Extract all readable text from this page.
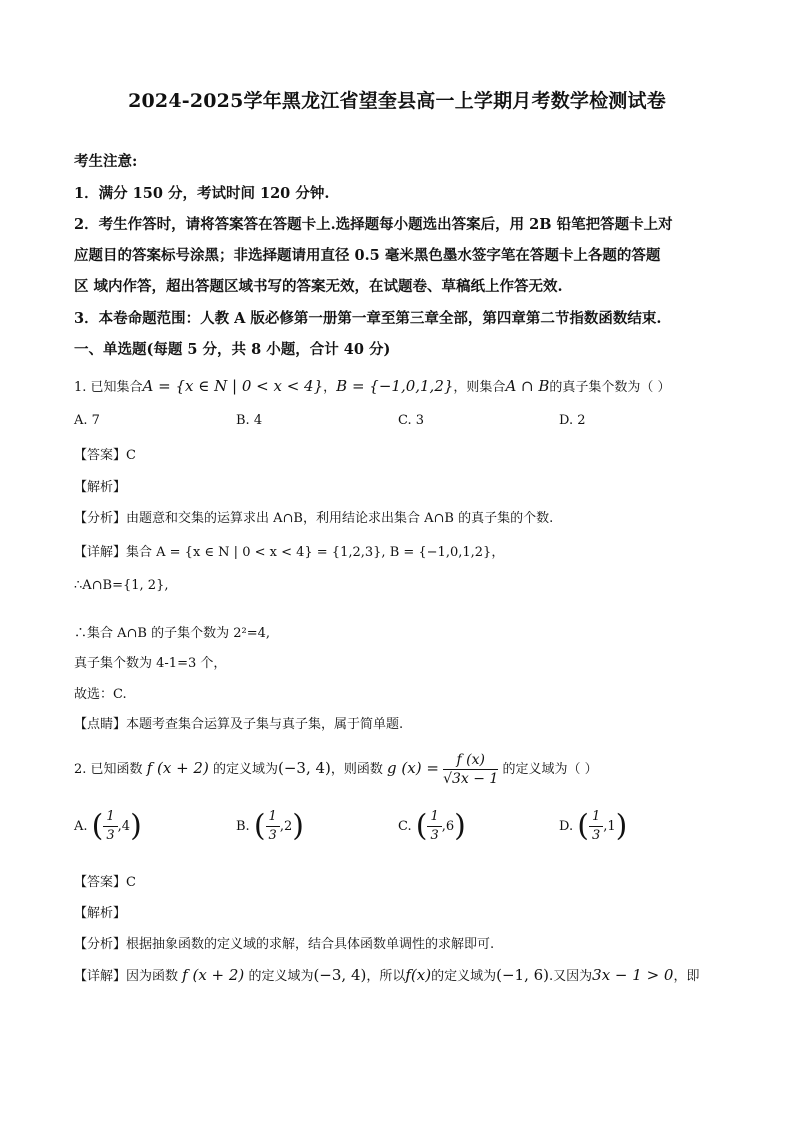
2024-2025学年黑龙江省望奎县高一上学期月考数学检测试卷
考生注意:
1．满分 150 分，考试时间 120 分钟.
2．考生作答时，请将答案答在答题卡上.选择题每小题选出答案后，用 2B 铅笔把答题卡上对
应题目的答案标号涂黑；非选择题请用直径 0.5 毫米黑色墨水签字笔在答题卡上各题的答题
区 域内作答，超出答题区域书写的答案无效，在试题卷、草稿纸上作答无效.
3．本卷命题范围：人教 A 版必修第一册第一章至第三章全部，第四章第二节指数函数结束.
一、单选题(每题 5 分，共 8 小题，合计 40 分)
1. 已知集合A = {x ∈ N | 0 < x < 4}，B = {−1,0,1,2}，则集合A ∩ B的真子集个数为（ ）
A. 7	B. 4	C. 3	D. 2
【答案】C
【解析】
【分析】由题意和交集的运算求出 A∩B，利用结论求出集合 A∩B 的真子集的个数.
【详解】集合 A = {x ∈ N | 0 < x < 4} = {1,2,3}, B = {−1,0,1,2}，
∴A∩B={1, 2},
∴集合 A∩B 的子集个数为 2²=4,
真子集个数为 4-1=3 个，
故选：C.
【点睛】本题考查集合运算及子集与真子集，属于简单题.
2. 已知函数 f (x + 2) 的定义域为(−3, 4)，则函数 g $(x) = \frac{f (x)}{√3x - 1}$ 的定义域为（ ）
A. ( $\frac{1}{3} ,4$)	B. ( $\frac{1}{3} ,2$)	C. ( $\frac{1}{3} ,6$)	D. ( $\frac{1}{3} ,1$)
【答案】C
【解析】
【分析】根据抽象函数的定义域的求解，结合具体函数单调性的求解即可.
【详解】因为函数 f (x + 2) 的定义域为(−3, 4)，所以f(x)的定义域为(−1, 6).又因为3x − 1 > 0，即
